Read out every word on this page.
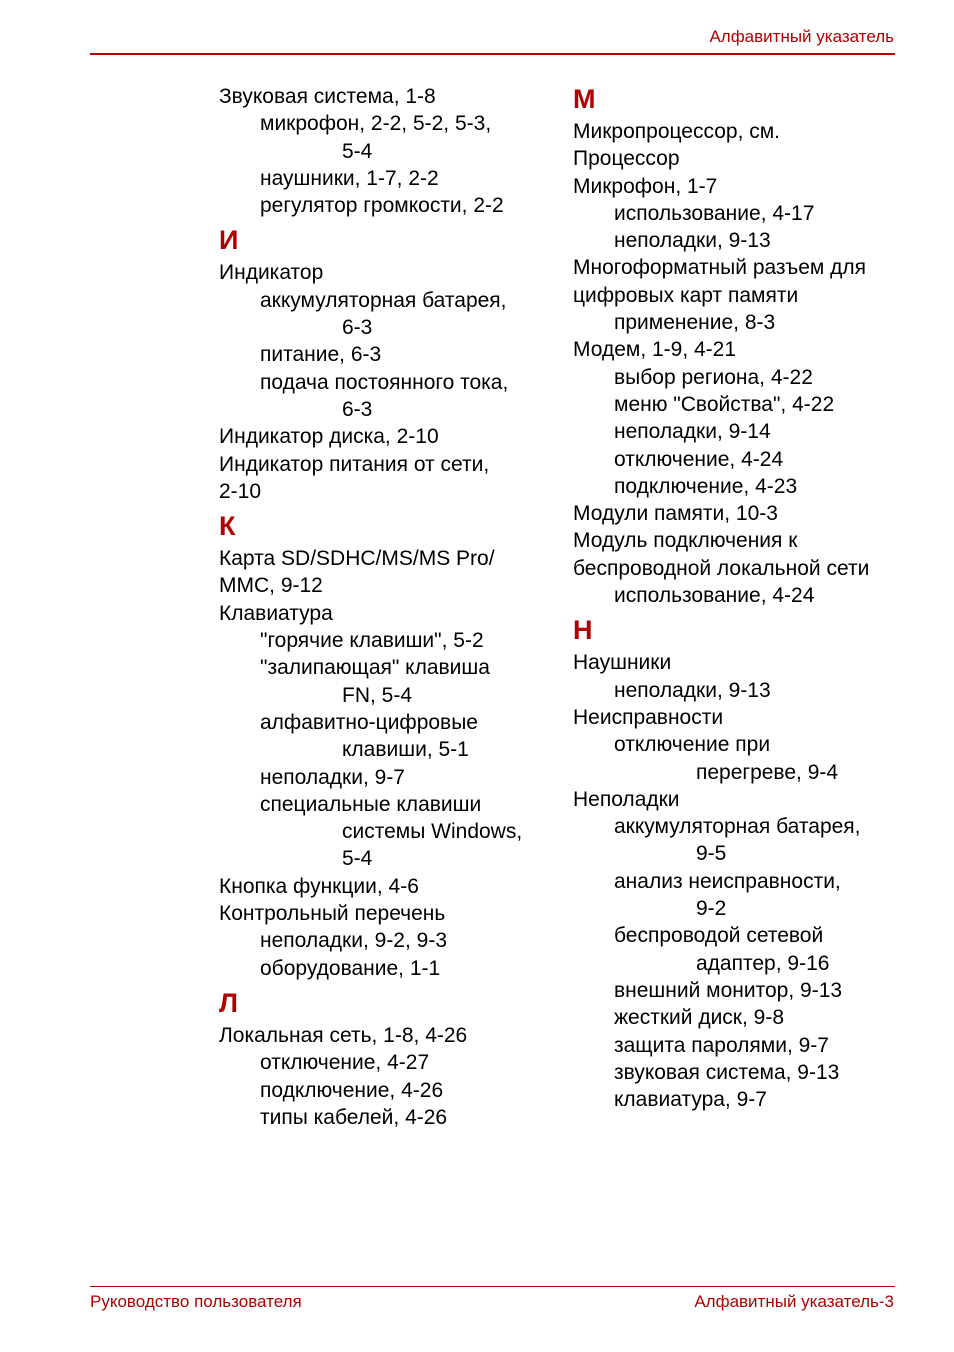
Алфавитный указатель
Звуковая система, 1-8
микрофон, 2-2, 5-2, 5-3,
5-4
наушники, 1-7, 2-2
регулятор громкости, 2-2
И
Индикатор
аккумуляторная батарея,
6-3
питание, 6-3
подача постоянного тока,
6-3
Индикатор диска, 2-10
Индикатор питания от сети,
2-10
К
Карта SD/SDHC/MS/MS Pro/
MMC, 9-12
Клавиатура
"горячие клавиши", 5-2
"залипающая" клавиша
FN, 5-4
алфавитно-цифровые
клавиши, 5-1
неполадки, 9-7
специальные клавиши
системы Windows,
5-4
Кнопка функции, 4-6
Контрольный перечень
неполадки, 9-2, 9-3
оборудование, 1-1
Л
Локальная сеть, 1-8, 4-26
отключение, 4-27
подключение, 4-26
типы кабелей, 4-26
М
Микропроцессор, см.
Процессор
Микрофон, 1-7
использование, 4-17
неполадки, 9-13
Многоформатный разъем для
цифровых карт памяти
применение, 8-3
Модем, 1-9, 4-21
выбор региона, 4-22
меню "Свойства", 4-22
неполадки, 9-14
отключение, 4-24
подключение, 4-23
Модули памяти, 10-3
Модуль подключения к
беспроводной локальной сети
использование, 4-24
Н
Наушники
неполадки, 9-13
Неисправности
отключение при
перегреве, 9-4
Неполадки
аккумуляторная батарея,
9-5
анализ неисправности,
9-2
беспроводой сетевой
адаптер, 9-16
внешний монитор, 9-13
жесткий диск, 9-8
защита паролями, 9-7
звуковая система, 9-13
клавиатура, 9-7
Руководство пользователя	Алфавитный указатель-3
